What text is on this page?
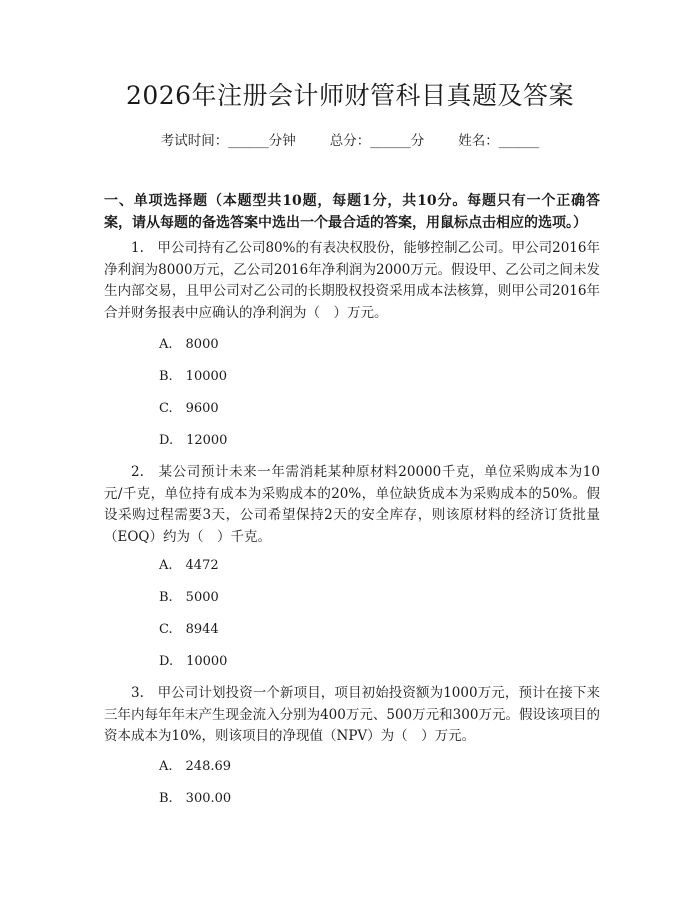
2026年注册会计师财管科目真题及答案
考试时间：______分钟	总分：______分	姓名：______
一、单项选择题（本题型共10题，每题1分，共10分。每题只有一个正确答案，请从每题的备选答案中选出一个最合适的答案，用鼠标点击相应的选项。）
1.　甲公司持有乙公司80%的有表决权股份，能够控制乙公司。甲公司2016年净利润为8000万元，乙公司2016年净利润为2000万元。假设甲、乙公司之间未发生内部交易，且甲公司对乙公司的长期股权投资采用成本法核算，则甲公司2016年合并财务报表中应确认的净利润为（　）万元。
A.　8000
B.　10000
C.　9600
D.　12000
2.　某公司预计未来一年需消耗某种原材料20000千克，单位采购成本为10元/千克，单位持有成本为采购成本的20%，单位缺货成本为采购成本的50%。假设采购过程需要3天，公司希望保持2天的安全库存，则该原材料的经济订货批量（EOQ）约为（　）千克。
A.　4472
B.　5000
C.　8944
D.　10000
3.　甲公司计划投资一个新项目，项目初始投资额为1000万元，预计在接下来三年内每年年末产生现金流入分别为400万元、500万元和300万元。假设该项目的资本成本为10%，则该项目的净现值（NPV）为（　）万元。
A.　248.69
B.　300.00
